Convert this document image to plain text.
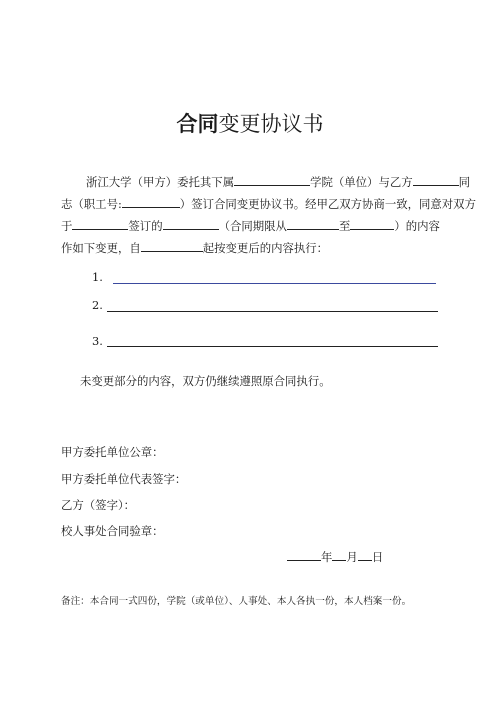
合同变更协议书
浙江大学（甲方）委托其下属	学院（单位）与乙方	同
志（职工号:	）签订合同变更协议书。经甲乙双方协商一致，同意对双方
于	签订的	（合同期限从	至	）的内容
作如下变更，自	起按变更后的内容执行：
1.
2.
3.
未变更部分的内容，双方仍继续遵照原合同执行。
甲方委托单位公章：
甲方委托单位代表签字：
乙方（签字）：
校人事处合同验章：
年 月 日
备注：本合同一式四份，学院（或单位）、人事处、本人各执一份，本人档案一份。
